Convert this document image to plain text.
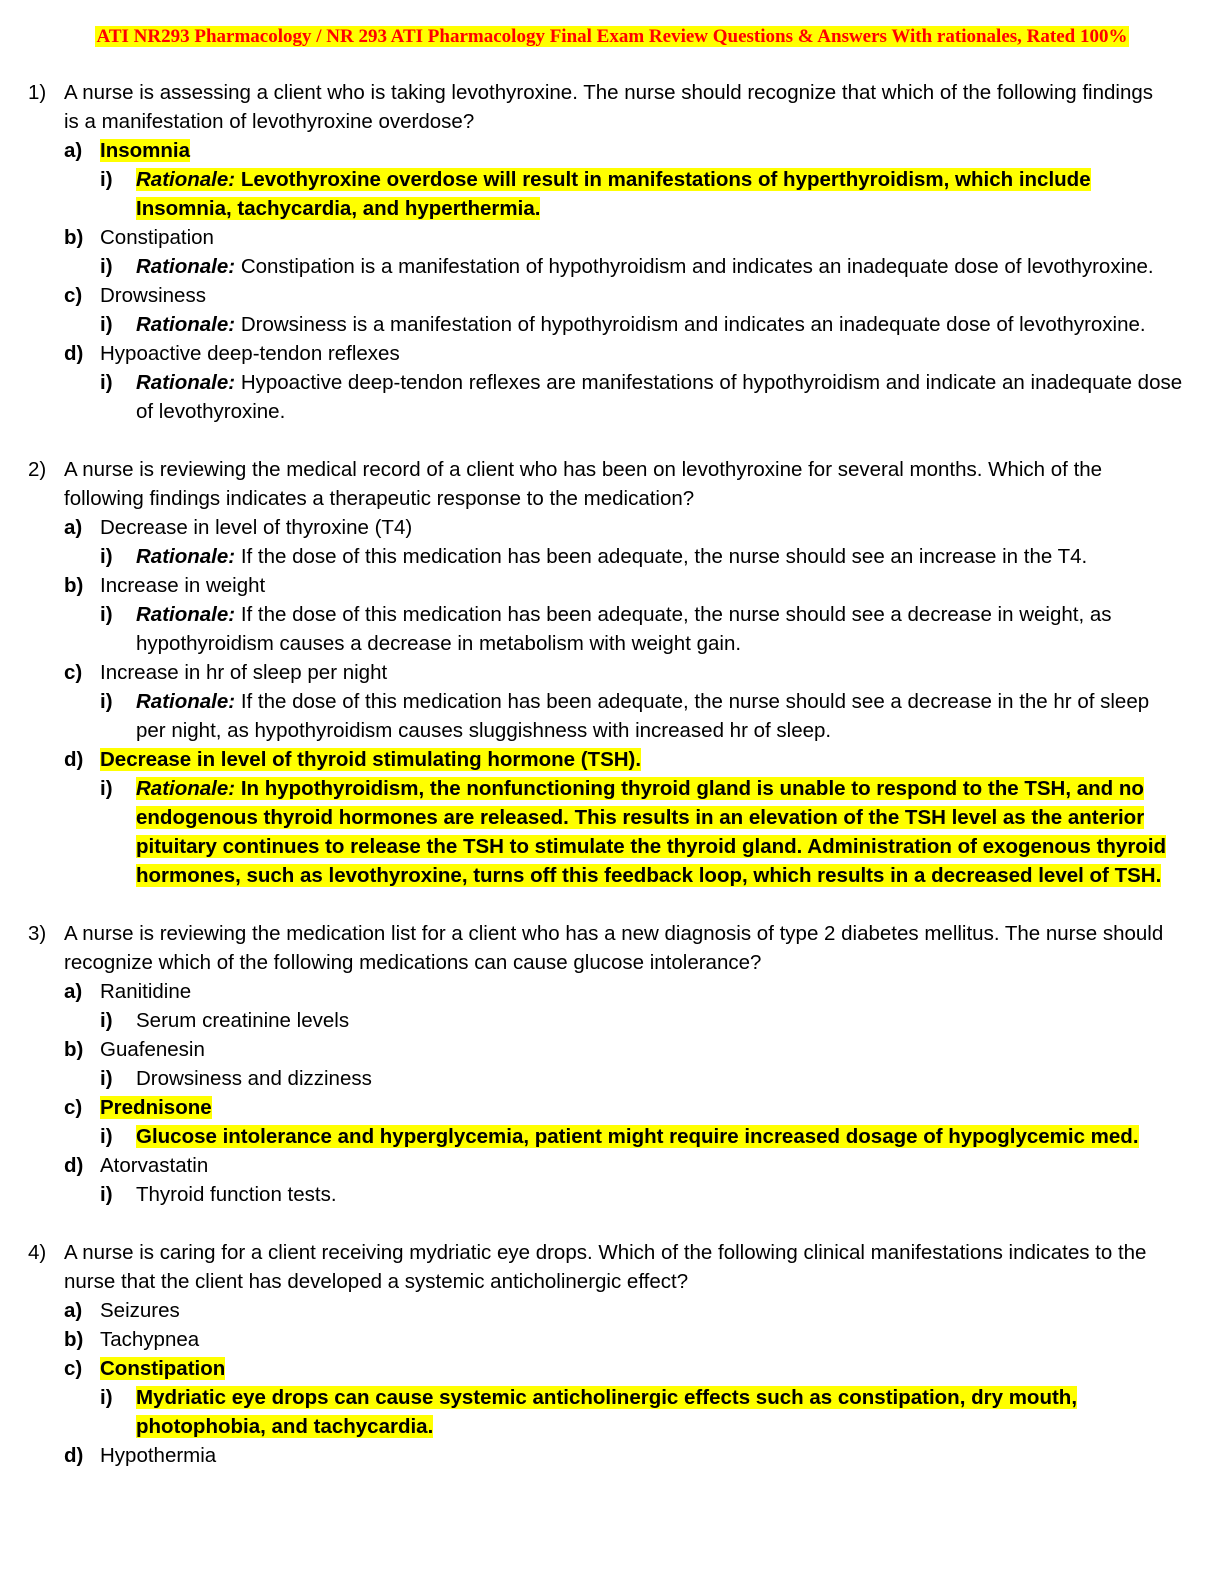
ATI NR293 Pharmacology / NR 293 ATI Pharmacology Final Exam Review Questions & Answers With rationales, Rated 100%
1) A nurse is assessing a client who is taking levothyroxine. The nurse should recognize that which of the following findings is a manifestation of levothyroxine overdose?
a) Insomnia
i) Rationale: Levothyroxine overdose will result in manifestations of hyperthyroidism, which include Insomnia, tachycardia, and hyperthermia.
b) Constipation
i) Rationale: Constipation is a manifestation of hypothyroidism and indicates an inadequate dose of levothyroxine.
c) Drowsiness
i) Rationale: Drowsiness is a manifestation of hypothyroidism and indicates an inadequate dose of levothyroxine.
d) Hypoactive deep-tendon reflexes
i) Rationale: Hypoactive deep-tendon reflexes are manifestations of hypothyroidism and indicate an inadequate dose of levothyroxine.
2) A nurse is reviewing the medical record of a client who has been on levothyroxine for several months. Which of the following findings indicates a therapeutic response to the medication?
a) Decrease in level of thyroxine (T4)
i) Rationale: If the dose of this medication has been adequate, the nurse should see an increase in the T4.
b) Increase in weight
i) Rationale: If the dose of this medication has been adequate, the nurse should see a decrease in weight, as hypothyroidism causes a decrease in metabolism with weight gain.
c) Increase in hr of sleep per night
i) Rationale: If the dose of this medication has been adequate, the nurse should see a decrease in the hr of sleep per night, as hypothyroidism causes sluggishness with increased hr of sleep.
d) Decrease in level of thyroid stimulating hormone (TSH).
i) Rationale: In hypothyroidism, the nonfunctioning thyroid gland is unable to respond to the TSH, and no endogenous thyroid hormones are released. This results in an elevation of the TSH level as the anterior pituitary continues to release the TSH to stimulate the thyroid gland. Administration of exogenous thyroid hormones, such as levothyroxine, turns off this feedback loop, which results in a decreased level of TSH.
3) A nurse is reviewing the medication list for a client who has a new diagnosis of type 2 diabetes mellitus. The nurse should recognize which of the following medications can cause glucose intolerance?
a) Ranitidine
i) Serum creatinine levels
b) Guafenesin
i) Drowsiness and dizziness
c) Prednisone
i) Glucose intolerance and hyperglycemia, patient might require increased dosage of hypoglycemic med.
d) Atorvastatin
i) Thyroid function tests.
4) A nurse is caring for a client receiving mydriatic eye drops. Which of the following clinical manifestations indicates to the nurse that the client has developed a systemic anticholinergic effect?
a) Seizures
b) Tachypnea
c) Constipation
i) Mydriatic eye drops can cause systemic anticholinergic effects such as constipation, dry mouth, photophobia, and tachycardia.
d) Hypothermia
